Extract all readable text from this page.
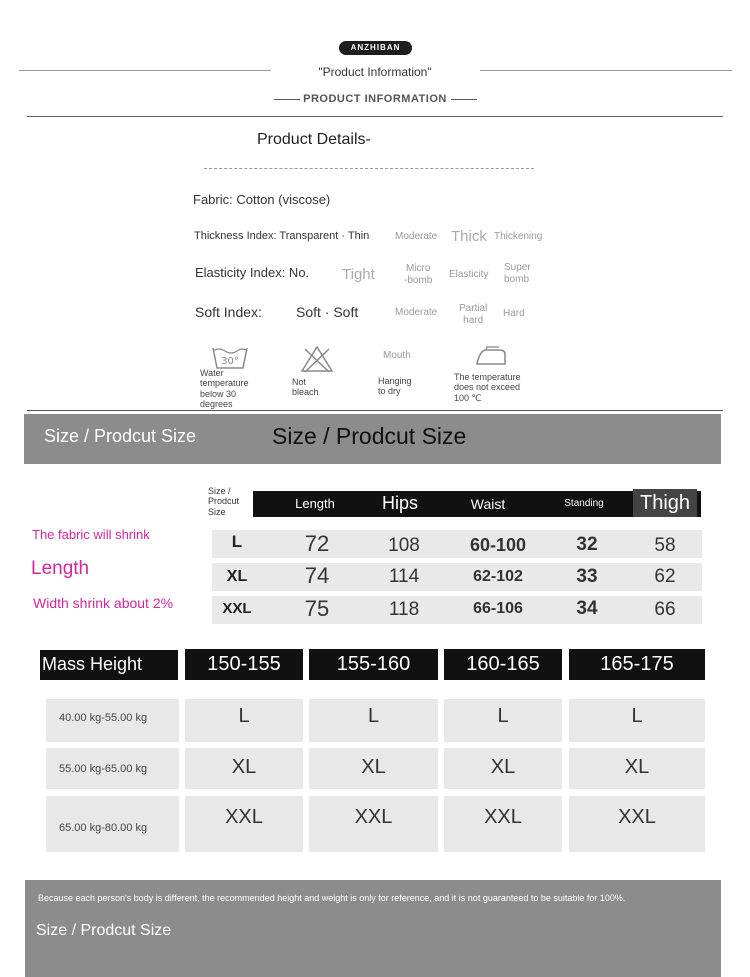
ANZHIBAN
"Product Information"
PRODUCT INFORMATION
Product Details-
Fabric: Cotton (viscose)
Thickness Index: Transparent · Thin	Moderate Thick Thickening
Elasticity Index: No. Tight	Micro
-bomb Elasticity
Super
bomb
Soft Index: Soft · Soft	Moderate Partial
hard
Hard
30°
Water
temperature
below 30
degrees
Not
bleach
Mouth
Hanging
to dry
The temperature
does not exceed
100 ℃
Size / Prodcut Size	Size / Prodcut Size
The fabric will shrink
Length
Width shrink about 2%
Size /
Prodcut
Size
Length	Hips	Waist	Standing	Thigh
L	72	108	60-100	32	58
XL	74	114	62-102	33	62
XXL	75	118	66-106	34	66
Mass Height	150-155	155-160	160-165	165-175
40.00 kg-55.00 kg	L	L	L	L
55.00 kg-65.00 kg	XL	XL	XL	XL
65.00 kg-80.00 kg	XXL	XXL	XXL	XXL
Because each person's body is different, the recommended height and weight is only for reference, and it is not guaranteed to be suitable for 100%.
Size / Prodcut Size
